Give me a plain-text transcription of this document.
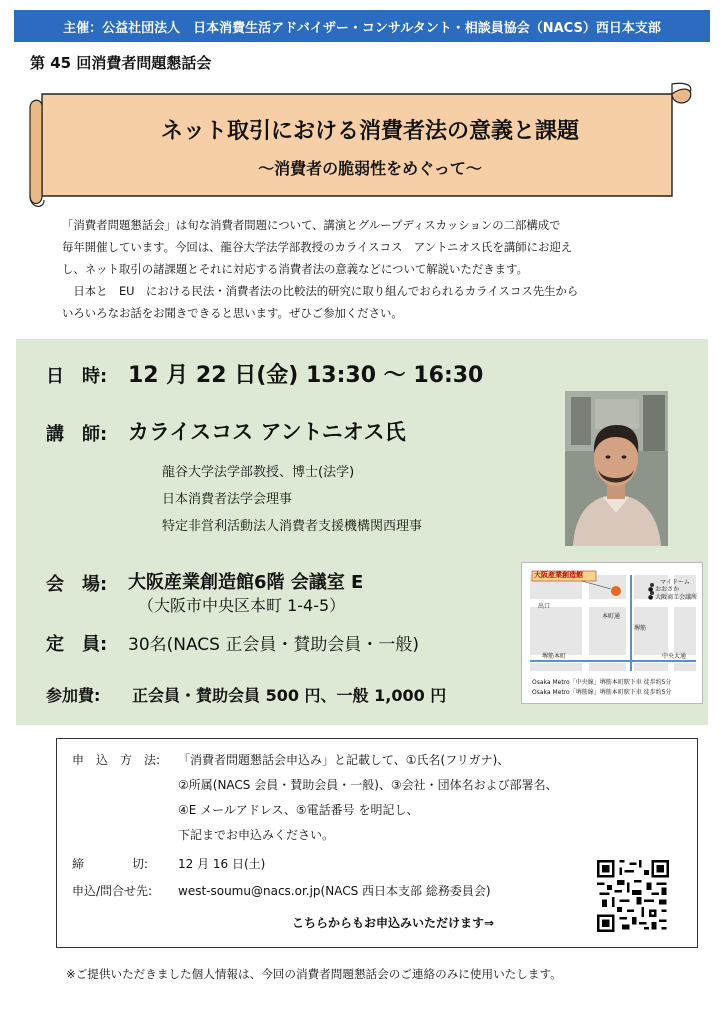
主催：公益社団法人　日本消費生活アドバイザー・コンサルタント・相談員協会（NACS）西日本支部
第 45 回消費者問題懇話会
ネット取引における消費者法の意義と課題
～消費者の脆弱性をめぐって～

「消費者問題懇話会」は旬な消費者問題について、講演とグループディスカッションの二部構成で

毎年開催しています。今回は、龍谷大学法学部教授のカライスコス　アントニオス氏を講師にお迎え

し、ネット取引の諸課題とそれに対応する消費者法の意義などについて解説いただきます。

　日本と　EU　における民法・消費者法の比較法的研究に取り組んでおられるカライスコス先生から

いろいろなお話をお聞きできると思います。ぜひご参加ください。

日　時: 12 月 22 日(金) 13:30 ～ 16:30
講　師: カライスコス アントニオス氏
龍谷大学法学部教授、博士(法学)
日本消費者法学会理事
特定非営利活動法人消費者支援機構関西理事
会　場: 大阪産業創造館6階 会議室 E
（大阪市中央区本町 1-4-5）
定　員: 30名(NACS 正会員・賛助会員・一般)
参加費: 正会員・賛助会員 500 円、一般 1,000 円
大阪産業創造館
マイドーム
● おおさか
● 大阪商工会議所
出口
本町通
堺筋本町	中央大通
堺筋
Osaka Metro「中央線」堺筋本町駅下車 徒歩約5分
Osaka Metro「堺筋線」堺筋本町駅下車 徒歩約5分
申　込　方　法: 「消費者問題懇話会申込み」と記載して、①氏名(フリガナ)、
②所属(NACS 会員・賛助会員・一般)、③会社・団体名および部署名、
④E メールアドレス、⑤電話番号 を明記し、
下記までお申込みください。
締　　　　切: 12 月 16 日(土)
申込/問合せ先: west-soumu@nacs.or.jp(NACS 西日本支部 総務委員会)
こちらからもお申込みいただけます⇒
※ご提供いただきました個人情報は、今回の消費者問題懇話会のご連絡のみに使用いたします。
